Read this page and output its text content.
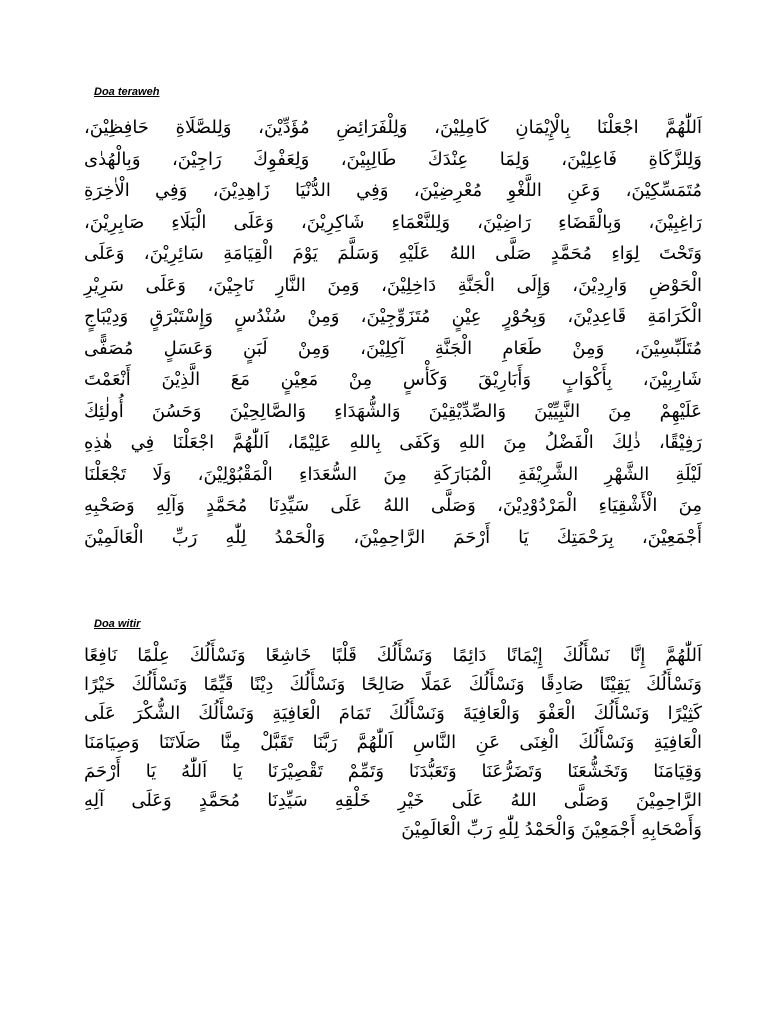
Doa teraweh

اَللّٰهُمَّ اجْعَلْنَا بِالْإِيْمَانِ كَامِلِيْنَ، وَلِلْفَرَائِضِ مُؤَدِّيْنَ، وَلِلصَّلَاةِ حَافِظِيْنَ،
وَلِلزَّكَاةِ فَاعِلِيْنَ، وَلِمَا عِنْدَكَ طَالِبِيْنَ، وَلِعَفْوِكَ رَاجِيْنَ، وَبِالْهُدٰى
مُتَمَسِّكِيْنَ، وَعَنِ اللَّغْوِ مُعْرِضِيْنَ، وَفِي الدُّنْيَا زَاهِدِيْنَ، وَفِي الْاٰخِرَةِ
رَاغِبِيْنَ، وَبِالْقَضَاءِ رَاضِيْنَ، وَلِلنَّعْمَاءِ شَاكِرِيْنَ، وَعَلَى الْبَلَاءِ صَابِرِيْنَ،
وَتَحْتَ لِوَاءِ مُحَمَّدٍ صَلَّى اللهُ عَلَيْهِ وَسَلَّمَ يَوْمَ الْقِيَامَةِ سَائِرِيْنَ، وَعَلَى
الْحَوْضِ وَارِدِيْنَ، وَإِلَى الْجَنَّةِ دَاخِلِيْنَ، وَمِنَ النَّارِ نَاجِيْنَ، وَعَلَى سَرِيْرِ
الْكَرَامَةِ قَاعِدِيْنَ، وَبِحُوْرٍ عِيْنٍ مُتَزَوِّجِيْنَ، وَمِنْ سُنْدُسٍ وَإِسْتَبْرَقٍ وَدِيْبَاجٍ
مُتَلَبِّسِيْنَ، وَمِنْ طَعَامِ الْجَنَّةِ آكِلِيْنَ، وَمِنْ لَبَنٍ وَعَسَلٍ مُصَفًّى
شَارِبِيْنَ، بِأَكْوَابٍ وَأَبَارِيْقَ وَكَأْسٍ مِنْ مَعِيْنٍ مَعَ الَّذِيْنَ أَنْعَمْتَ
عَلَيْهِمْ مِنَ النَّبِيِّيْنَ وَالصِّدِّيْقِيْنَ وَالشُّهَدَاءِ وَالصَّالِحِيْنَ وَحَسُنَ أُولٰئِكَ
رَفِيْقًا، ذٰلِكَ الْفَضْلُ مِنَ اللهِ وَكَفَى بِاللهِ عَلِيْمًا، اَللّٰهُمَّ اجْعَلْنَا فِي هٰذِهِ
لَيْلَةِ الشَّهْرِ الشَّرِيْفَةِ الْمُبَارَكَةِ مِنَ السُّعَدَاءِ الْمَقْبُوْلِيْنَ، وَلَا تَجْعَلْنَا
مِنَ الْأَشْقِيَاءِ الْمَرْدُوْدِيْنَ، وَصَلَّى اللهُ عَلَى سَيِّدِنَا مُحَمَّدٍ وَآلِهِ وَصَحْبِهِ
أَجْمَعِيْنَ، بِرَحْمَتِكَ يَا أَرْحَمَ الرَّاحِمِيْنَ، وَالْحَمْدُ لِلّٰهِ رَبِّ الْعَالَمِيْنَ

Doa witir

اَللّٰهُمَّ إِنَّا نَسْأَلُكَ إِيْمَانًا دَائِمًا وَنَسْأَلُكَ قَلْبًا خَاشِعًا وَنَسْأَلُكَ عِلْمًا نَافِعًا
وَنَسْأَلُكَ يَقِيْنًا صَادِقًا وَنَسْأَلُكَ عَمَلًا صَالِحًا وَنَسْأَلُكَ دِيْنًا قَيِّمًا وَنَسْأَلُكَ خَيْرًا
كَثِيْرًا وَنَسْأَلُكَ الْعَفْوَ وَالْعَافِيَةَ وَنَسْأَلُكَ تَمَامَ الْعَافِيَةِ وَنَسْأَلُكَ الشُّكْرَ عَلَى
الْعَافِيَةِ وَنَسْأَلُكَ الْغِنَى عَنِ النَّاسِ اَللّٰهُمَّ رَبَّنَا تَقَبَّلْ مِنَّا صَلَاتَنَا وَصِيَامَنَا
وَقِيَامَنَا وَتَخَشُّعَنَا وَتَضَرُّعَنَا وَتَعَبُّدَنَا وَتَمِّمْ تَقْصِيْرَنَا يَا اَللّٰهُ يَا أَرْحَمَ
الرَّاحِمِيْنَ وَصَلَّى اللهُ عَلَى خَيْرِ خَلْقِهِ سَيِّدِنَا مُحَمَّدٍ وَعَلَى آلِهِ
وَأَصْحَابِهِ أَجْمَعِيْنَ وَالْحَمْدُ لِلّٰهِ رَبِّ الْعَالَمِيْنَ
